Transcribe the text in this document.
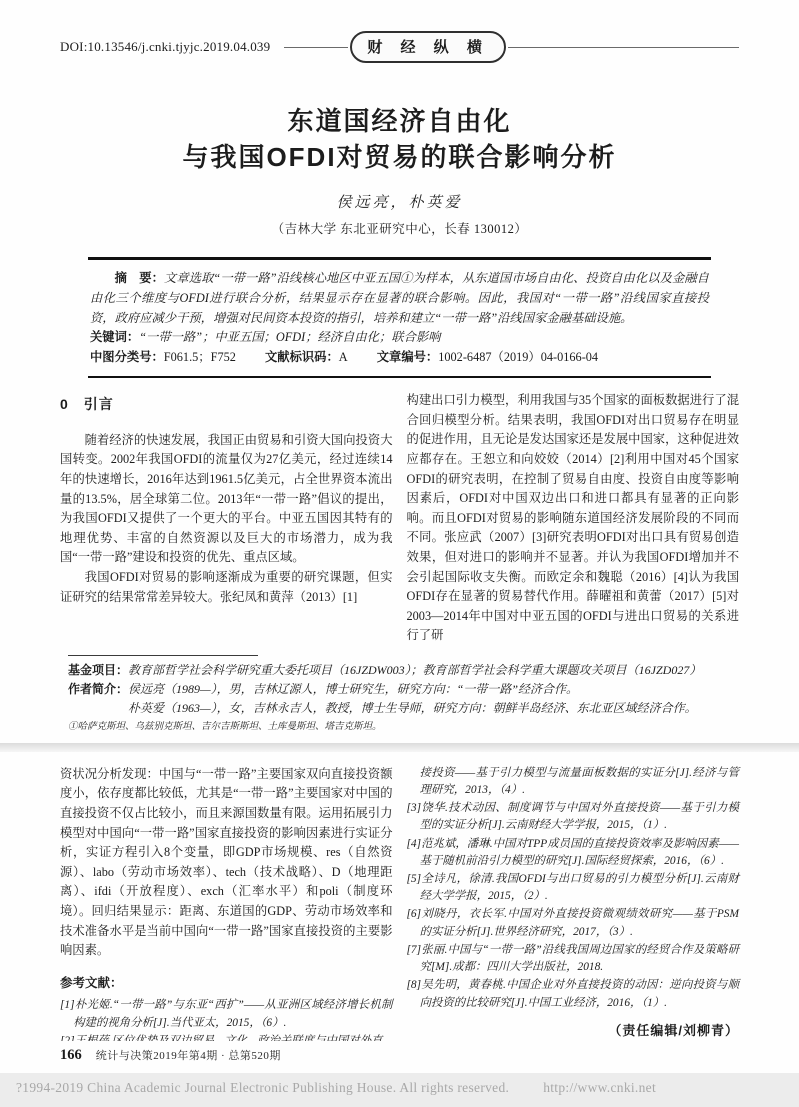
DOI:10.13546/j.cnki.tjyjc.2019.04.039	财 经 纵 横
东道国经济自由化
与我国OFDI对贸易的联合影响分析
侯远亮，朴英爱
（吉林大学 东北亚研究中心，长春 130012）

摘　要：文章选取“一带一路”沿线核心地区中亚五国①为样本，从东道国市场自由化、投资自由化以及金融自由化三个维度与OFDI进行联合分析，结果显示存在显著的联合影响。因此，我国对“一带一路”沿线国家直接投资，政府应减少干预，增强对民间资本投资的指引，培养和建立“一带一路”沿线国家金融基础设施。

关键词：“一带一路”；中亚五国；OFDI；经济自由化；联合影响

中图分类号：F061.5；F752 文献标识码：A 文章编号：1002-6487（2019）04-0166-04

0　引言

随着经济的快速发展，我国正由贸易和引资大国向投资大国转变。2002年我国OFDI的流量仅为27亿美元，经过连续14年的快速增长，2016年达到1961.5亿美元，占全世界资本流出量的13.5%，居全球第二位。2013年“一带一路”倡议的提出，为我国OFDI又提供了一个更大的平台。中亚五国因其特有的地理优势、丰富的自然资源以及巨大的市场潜力，成为我国“一带一路”建设和投资的优先、重点区域。

我国OFDI对贸易的影响逐渐成为重要的研究课题，但实证研究的结果常常差异较大。张纪凤和黄萍（2013）[1]

构建出口引力模型，利用我国与35个国家的面板数据进行了混合回归模型分析。结果表明，我国OFDI对出口贸易存在明显的促进作用，且无论是发达国家还是发展中国家，这种促进效应都存在。王恕立和向姣姣（2014）[2]利用中国对45个国家OFDI的研究表明，在控制了贸易自由度、投资自由度等影响因素后，OFDI对中国双边出口和进口都具有显著的正向影响。而且OFDI对贸易的影响随东道国经济发展阶段的不同而不同。张应武（2007）[3]研究表明OFDI对出口具有贸易创造效果，但对进口的影响并不显著。并认为我国OFDI增加并不会引起国际收支失衡。而欧定余和魏聪（2016）[4]认为我国OFDI存在显著的贸易替代作用。薛曜祖和黄蕾（2017）[5]对2003—2014年中国对中亚五国的OFDI与进出口贸易的关系进行了研

基金项目：教育部哲学社会科学研究重大委托项目（16JZDW003）；教育部哲学社会科学重大课题攻关项目（16JZD027）
作者简介：侯远亮（1989—），男，吉林辽源人，博士研究生，研究方向：“一带一路”经济合作。
朴英爱（1963—），女，吉林永吉人，教授，博士生导师，研究方向：朝鲜半岛经济、东北亚区域经济合作。
①哈萨克斯坦、乌兹别克斯坦、吉尔吉斯斯坦、土库曼斯坦、塔吉克斯坦。

资状况分析发现：中国与“一带一路”主要国家双向直接投资额度小，依存度都比较低，尤其是“一带一路”主要国家对中国的直接投资不仅占比较小，而且来源国数量有限。运用拓展引力模型对中国向“一带一路”国家直接投资的影响因素进行实证分析，实证方程引入8个变量，即GDP市场规模、res（自然资源）、labo（劳动市场效率）、tech（技术战略）、D（地理距离）、ifdi（开放程度）、exch（汇率水平）和poli（制度环境）。回归结果显示：距离、东道国的GDP、劳动市场效率和技术准备水平是当前中国向“一带一路”国家直接投资的主要影响因素。

参考文献：

[1]朴光姬.“一带一路”与东亚“西扩”——从亚洲区域经济增长机制构建的视角分析[J].当代亚太，2015，（6）.

接投资——基于引力模型与流量面板数据的实证分[J].经济与管理研究，2013，（4）.

[3]饶华.技术动因、制度调节与中国对外直接投资——基于引力模型的实证分析[J].云南财经大学学报，2015，（1）.

[4]范兆斌，潘琳.中国对TPP成员国的直接投资效率及影响因素——基于随机前沿引力模型的研究[J].国际经贸探索，2016，（6）.

[5]全诗凡，徐清.我国OFDI与出口贸易的引力模型分析[J].云南财经大学学报，2015，（2）.

[6]刘晓丹，衣长军.中国对外直接投资微观绩效研究——基于PSM的实证分析[J].世界经济研究，2017，（3）.

[7]张丽.中国与“一带一路”沿线我国周边国家的经贸合作及策略研究[M].成都：四川大学出版社，2018.

[8]吴先明，黄春桃.中国企业对外直接投资的动因：逆向投资与顺向投资的比较研究[J].中国工业经济，2016，（1）.

（责任编辑/刘柳青）
166 统计与决策2019年第4期 · 总第520期
?1994-2019 China Academic Journal Electronic Publishing House. All rights reserved.	http://www.cnki.net
